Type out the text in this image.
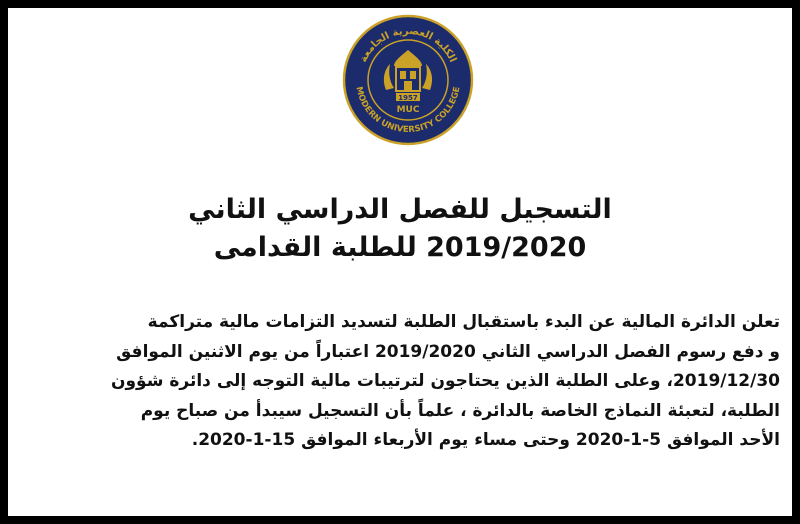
الكلية العصرية الجامعة
MODERN UNIVERSITY COLLEGE
1957
MUC
التسجيل للفصل الدراسي الثاني
2019/2020 للطلبة القدامى
تعلن الدائرة المالية عن البدء باستقبال الطلبة لتسديد التزامات مالية متراكمة
و دفع رسوم الفصل الدراسي الثاني 2019/2020 اعتباراً من يوم الاثنين الموافق
2019/12/30، وعلى الطلبة الذين يحتاجون لترتيبات مالية التوجه إلى دائرة شؤون
الطلبة، لتعبئة النماذج الخاصة بالدائرة ، علماً بأن التسجيل سيبدأ من صباح يوم
الأحد الموافق 5-1-2020 وحتى مساء يوم الأربعاء الموافق 15-1-2020.
